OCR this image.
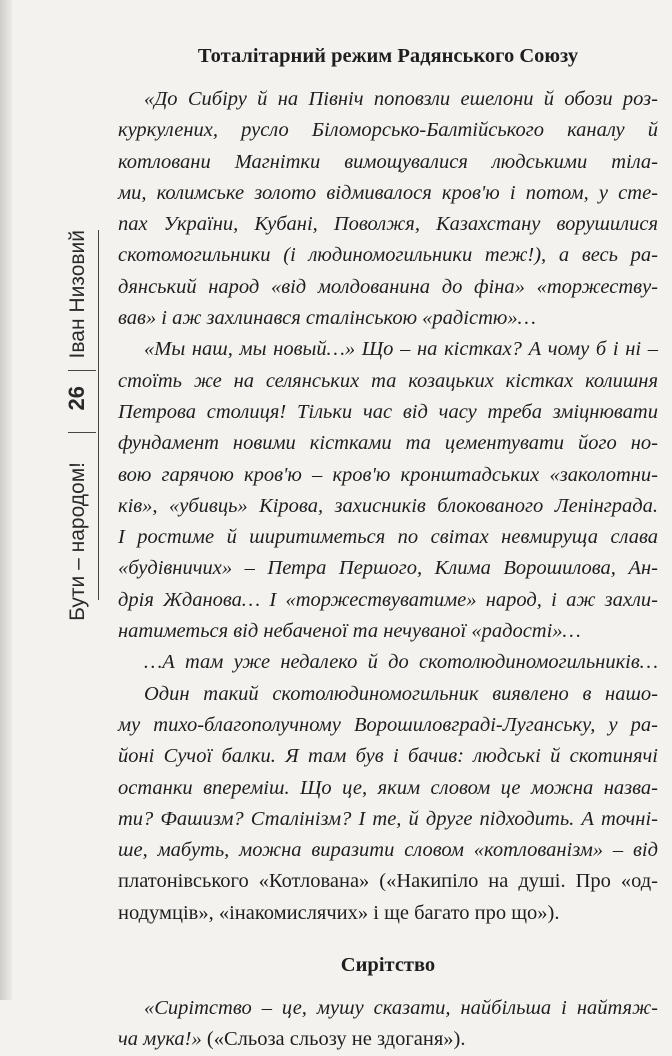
Іван Низовий
26
Бути – народом!
Тоталітарний режим Радянського Союзу
«До Сибіру й на Північ поповзли ешелони й обози роз-
куркулених, русло Біломорсько-Балтійського каналу й
котловани Магнітки вимощувалися людськими тіла-
ми, колимське золото відмивалося кров'ю і потом, у сте-
пах України, Кубані, Поволжя, Казахстану ворушилися
скотомогильники (і людиномогильники теж!), а весь ра-
дянський народ «від молдованина до фіна» «торжеству-
вав» і аж захлинався сталінською «радістю»…
«Мы наш, мы новый…» Що – на кістках? А чому б і ні –
стоїть же на селянських та козацьких кістках колишня
Петрова столиця! Тільки час від часу треба зміцнювати
фундамент новими кістками та цементувати його но-
вою гарячою кров'ю – кров'ю кронштадських «заколотни-
ків», «убивць» Кірова, захисників блокованого Ленінграда.
І ростиме й ширитиметься по світах невмируща слава
«будівничих» – Петра Першого, Клима Ворошилова, Ан-
дрія Жданова… І «торжествуватиме» народ, і аж захли-
натиметься від небаченої та нечуваної «радості»…
…А там уже недалеко й до скотолюдиномогильників…
Один такий скотолюдиномогильник виявлено в нашо-
му тихо-благополучному Ворошиловграді-Луганську, у ра-
йоні Сучої балки. Я там був і бачив: людські й скотинячі
останки впереміш. Що це, яким словом це можна назва-
ти? Фашизм? Сталінізм? І те, й друге підходить. А точні-
ше, мабуть, можна виразити словом «котлованізм» – від
платонівського «Котлована» («Накипіло на душі. Про «од-
нодумців», «інакомислячих» і ще багато про що»).
Сирітство
«Сирітство – це, мушу сказати, найбільша і найтяж-
ча мука!» («Сльоза сльозу не здоганя»).
